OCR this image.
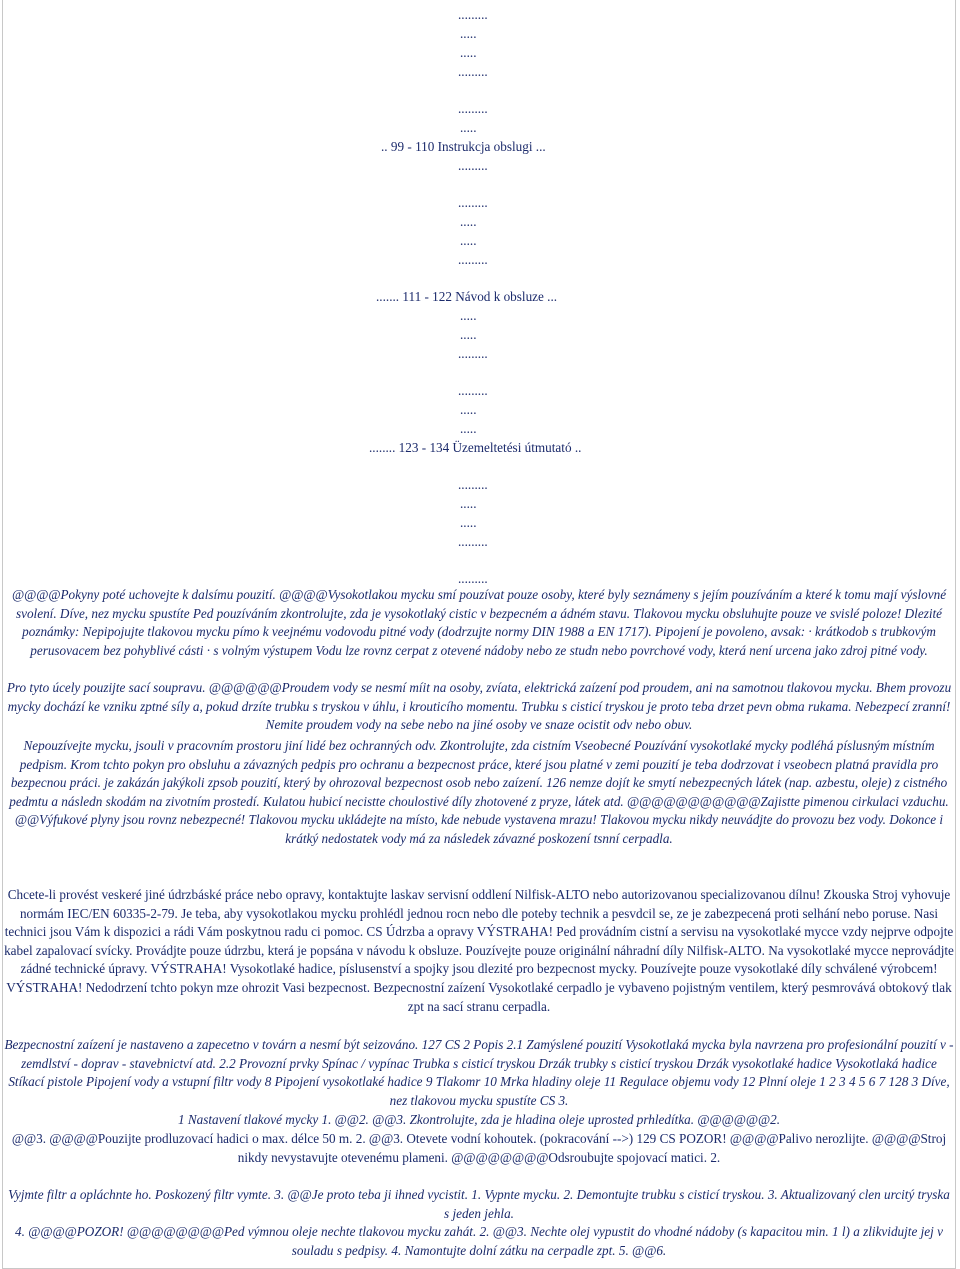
.........
.....
.....
.........
.........
.....
.. 99 - 110 Instrukcja obslugi ...
.........
.........
.....
.....
.........
....... 111 - 122 Návod k obsluze ...
.....
.....
.........
.........
.....
.....
........ 123 - 134 Üzemeltetési útmutató ..
.........
.....
.....
.........
.........
@@@@Pokyny poté uchovejte k dalsímu pouzití. @@@@Vysokotlakou mycku smí pouzívat pouze osoby, které byly seznámeny s jejím pouzíváním a které k tomu mají výslovné svolení. Díve, nez mycku spustíte Ped pouzíváním zkontrolujte, zda je vysokotlaký cistic v bezpecném a ádném stavu. Tlakovou mycku obsluhujte pouze ve svislé poloze! Dlezité poznámky: Nepipojujte tlakovou mycku pímo k veejnému vodovodu pitné vody (dodrzujte normy DIN 1988 a EN 1717). Pipojení je povoleno, avsak: · krátkodob s trubkovým perusovacem bez pohyblivé cásti · s volným výstupem Vodu lze rovnz cerpat z otevené nádoby nebo ze studn nebo povrchové vody, která není urcena jako zdroj pitné vody.
Pro tyto úcely pouzijte sací soupravu. @@@@@@Proudem vody se nesmí míit na osoby, zvíata, elektrická zaízení pod proudem, ani na samotnou tlakovou mycku. Bhem provozu mycky dochází ke vzniku zptné síly a, pokud drzíte trubku s tryskou v úhlu, i krouticího momentu. Trubku s cisticí tryskou je proto teba drzet pevn obma rukama. Nebezpecí zranní! Nemite proudem vody na sebe nebo na jiné osoby ve snaze ocistit odv nebo obuv.
Nepouzívejte mycku, jsouli v pracovním prostoru jiní lidé bez ochranných odv. Zkontrolujte, zda cistním Vseobecné Pouzívání vysokotlaké mycky podléhá píslusným místním pedpism. Krom tchto pokyn pro obsluhu a závazných pedpis pro ochranu a bezpecnost práce, které jsou platné v zemi pouzití je teba dodrzovat i vseobecn platná pravidla pro bezpecnou práci. je zakázán jakýkoli zpsob pouzití, který by ohrozoval bezpecnost osob nebo zaízení. 126 nemze dojít ke smytí nebezpecných látek (nap. azbestu, oleje) z cistného pedmtu a následn skodám na zivotním prostedí. Kulatou hubicí necistte choulostivé díly zhotovené z pryze, látek atd. @@@@@@@@@@@Zajistte pimenou cirkulaci vzduchu. @@Výfukové plyny jsou rovnz nebezpecné! Tlakovou mycku ukládejte na místo, kde nebude vystavena mrazu! Tlakovou mycku nikdy neuvádjte do provozu bez vody. Dokonce i krátký nedostatek vody má za následek závazné poskození tsnní cerpadla.
Chcete-li provést veskeré jiné údrzbáské práce nebo opravy, kontaktujte laskav servisní oddlení Nilfisk-ALTO nebo autorizovanou specializovanou dílnu! Zkouska Stroj vyhovuje normám IEC/EN 60335-2-79. Je teba, aby vysokotlakou mycku prohlédl jednou rocn nebo dle poteby technik a pesvdcil se, ze je zabezpecená proti selhání nebo poruse. Nasi technici jsou Vám k dispozici a rádi Vám poskytnou radu ci pomoc. CS Údrzba a opravy VÝSTRAHA! Ped provádním cistní a servisu na vysokotlaké mycce vzdy nejprve odpojte kabel zapalovací svícky. Provádjte pouze údrzbu, která je popsána v návodu k obsluze. Pouzívejte pouze originální náhradní díly Nilfisk-ALTO. Na vysokotlaké mycce neprovádjte zádné technické úpravy. VÝSTRAHA! Vysokotlaké hadice, píslusenství a spojky jsou dlezité pro bezpecnost mycky. Pouzívejte pouze vysokotlaké díly schválené výrobcem! VÝSTRAHA! Nedodrzení tchto pokyn mze ohrozit Vasi bezpecnost. Bezpecnostní zaízení Vysokotlaké cerpadlo je vybaveno pojistným ventilem, který pesmrovává obtokový tlak zpt na sací stranu cerpadla.
Bezpecnostní zaízení je nastaveno a zapecetno v továrn a nesmí být seizováno. 127 CS 2 Popis 2.1 Zamýslené pouzití Vysokotlaká mycka byla navrzena pro profesionální pouzití v - zemdlství - doprav - stavebnictví atd. 2.2 Provozní prvky Spínac / vypínac Trubka s cisticí tryskou Drzák trubky s cisticí tryskou Drzák vysokotlaké hadice Vysokotlaká hadice Stíkací pistole Pipojení vody a vstupní filtr vody 8 Pipojení vysokotlaké hadice 9 Tlakomr 10 Mrka hladiny oleje 11 Regulace objemu vody 12 Plnní oleje 1 2 3 4 5 6 7 128 3 Díve, nez tlakovou mycku spustíte CS 3.
1 Nastavení tlakové mycky 1. @@2. @@3. Zkontrolujte, zda je hladina oleje uprosted prhledítka. @@@@@@2.
@@3. @@@@Pouzijte prodluzovací hadici o max. délce 50 m. 2. @@3. Otevete vodní kohoutek. (pokracování -->) 129 CS POZOR! @@@@Palivo nerozlijte. @@@@Stroj nikdy nevystavujte otevenému plameni. @@@@@@@@Odsroubujte spojovací matici. 2.
Vyjmte filtr a opláchnte ho. Poskozený filtr vymte. 3. @@Je proto teba ji ihned vycistit. 1. Vypnte mycku. 2. Demontujte trubku s cisticí tryskou. 3. Aktualizovaný clen urcitý tryska s jeden jehla.
4. @@@@POZOR! @@@@@@@@Ped výmnou oleje nechte tlakovou mycku zahát. 2. @@3. Nechte olej vypustit do vhodné nádoby (s kapacitou min. 1 l) a zlikvidujte jej v souladu s pedpisy. 4. Namontujte dolní zátku na cerpadle zpt. 5. @@6.
